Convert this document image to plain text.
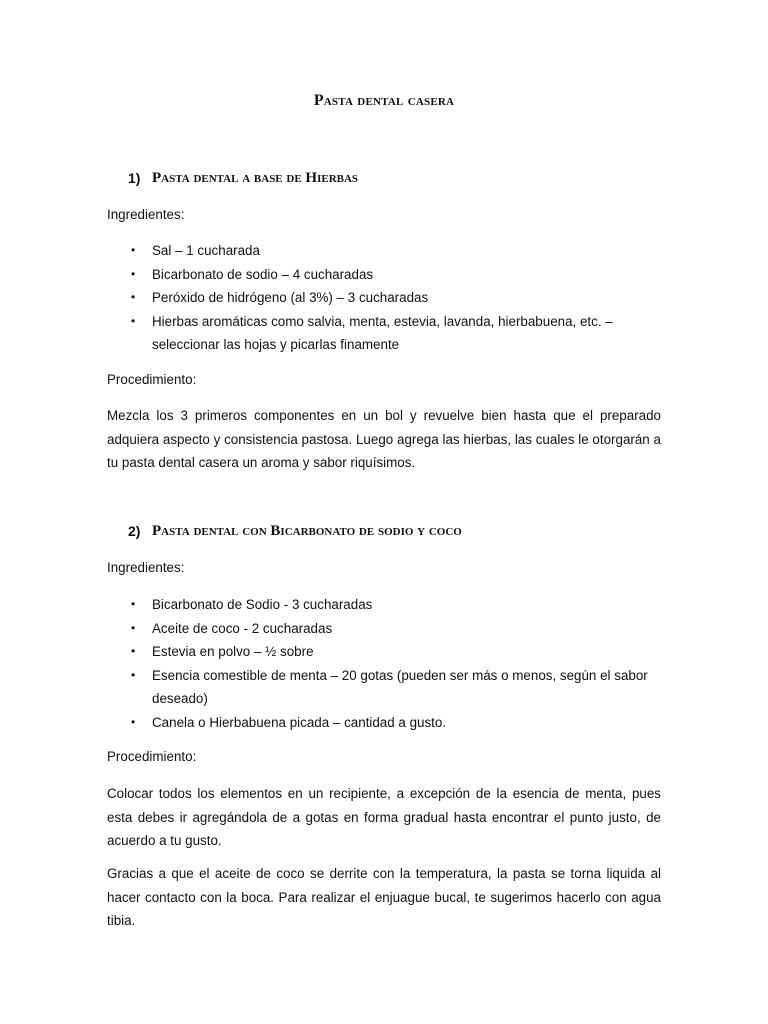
Pasta dental casera
1) Pasta dental a base de Hierbas

Ingredientes:

• Sal – 1 cucharada
• Bicarbonato de sodio – 4 cucharadas
• Peróxido de hidrógeno (al 3%) – 3 cucharadas
• Hierbas aromáticas como salvia, menta, estevia, lavanda, hierbabuena, etc. – seleccionar las hojas y picarlas finamente

Procedimiento:

Mezcla los 3 primeros componentes en un bol y revuelve bien hasta que el preparado adquiera aspecto y consistencia pastosa. Luego agrega las hierbas, las cuales le otorgarán a tu pasta dental casera un aroma y sabor riquísimos.

2) Pasta dental con Bicarbonato de sodio y coco

Ingredientes:

• Bicarbonato de Sodio - 3 cucharadas
• Aceite de coco - 2 cucharadas
• Estevia en polvo – ½ sobre
• Esencia comestible de menta – 20 gotas (pueden ser más o menos, según el sabor deseado)
• Canela o Hierbabuena picada – cantidad a gusto.

Procedimiento:

Colocar todos los elementos en un recipiente, a excepción de la esencia de menta, pues esta debes ir agregándola de a gotas en forma gradual hasta encontrar el punto justo, de acuerdo a tu gusto.

Gracias a que el aceite de coco se derrite con la temperatura, la pasta se torna liquida al hacer contacto con la boca. Para realizar el enjuague bucal, te sugerimos hacerlo con agua tibia.
